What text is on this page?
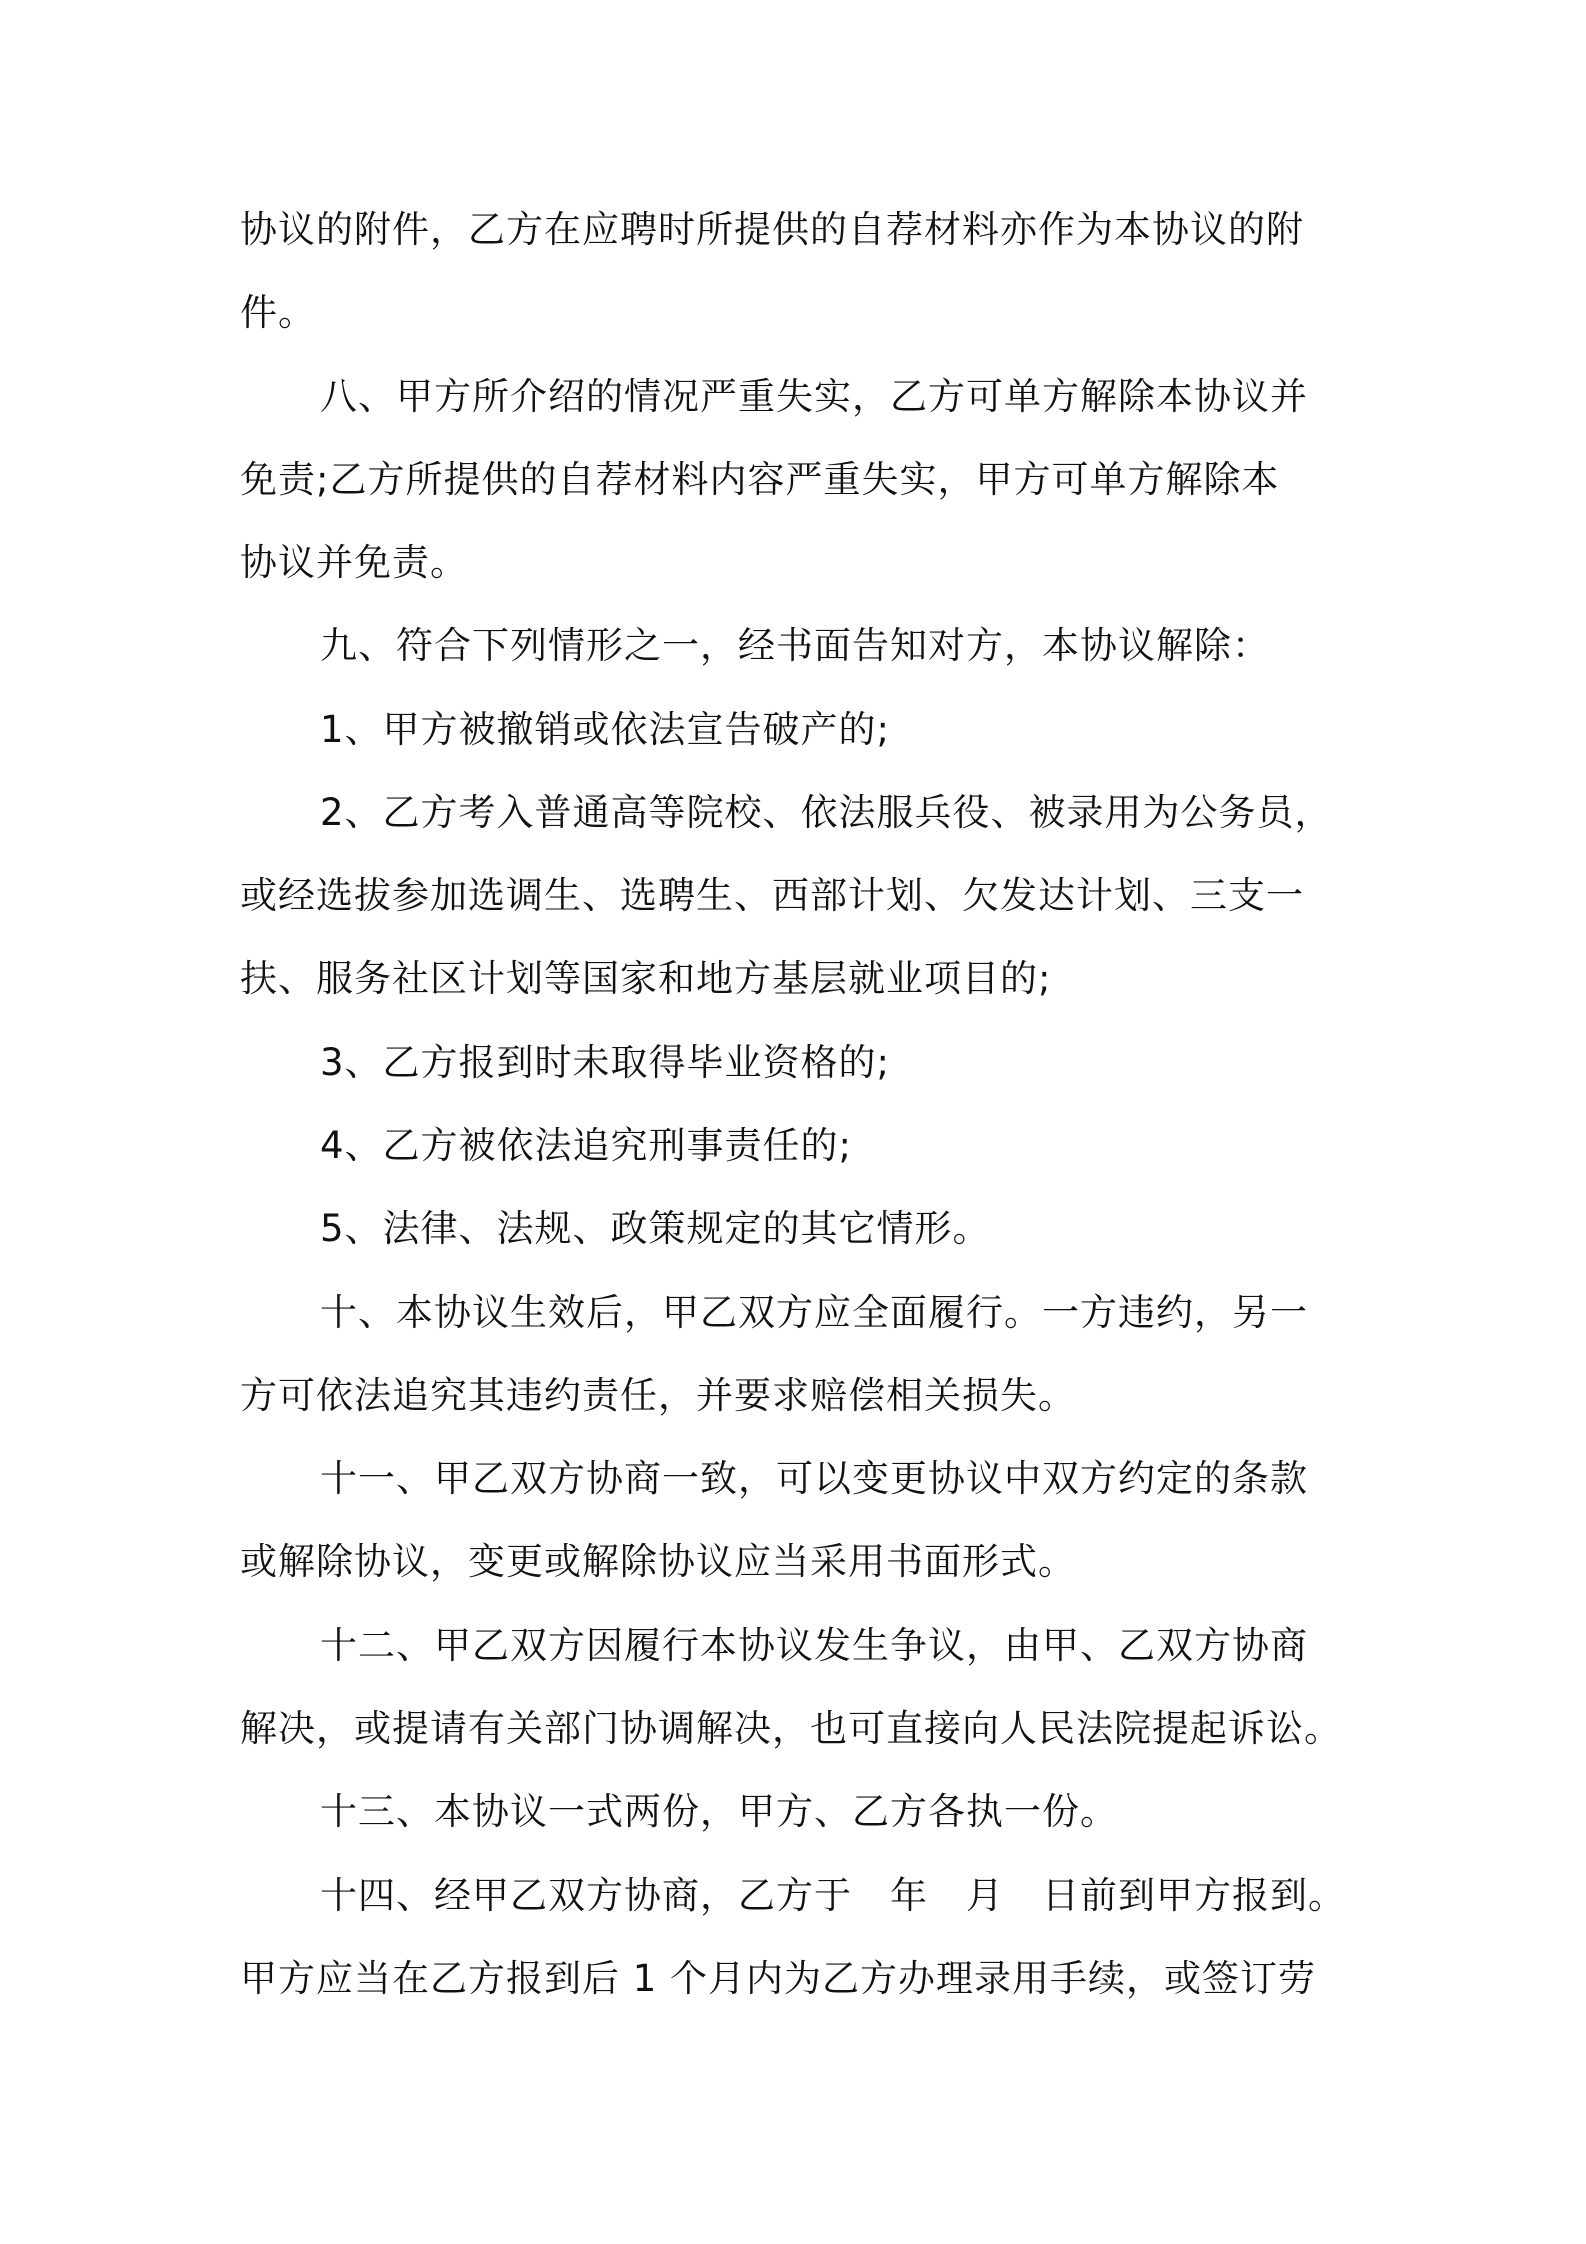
协议的附件，乙方在应聘时所提供的自荐材料亦作为本协议的附
件。
八、甲方所介绍的情况严重失实，乙方可单方解除本协议并
免责;乙方所提供的自荐材料内容严重失实，甲方可单方解除本
协议并免责。
九、符合下列情形之一，经书面告知对方，本协议解除：
1、甲方被撤销或依法宣告破产的;
2、乙方考入普通高等院校、依法服兵役、被录用为公务员，
或经选拔参加选调生、选聘生、西部计划、欠发达计划、三支一
扶、服务社区计划等国家和地方基层就业项目的;
3、乙方报到时未取得毕业资格的;
4、乙方被依法追究刑事责任的;
5、法律、法规、政策规定的其它情形。
十、本协议生效后，甲乙双方应全面履行。一方违约，另一
方可依法追究其违约责任，并要求赔偿相关损失。
十一、甲乙双方协商一致，可以变更协议中双方约定的条款
或解除协议，变更或解除协议应当采用书面形式。
十二、甲乙双方因履行本协议发生争议，由甲、乙双方协商
解决，或提请有关部门协调解决，也可直接向人民法院提起诉讼。
十三、本协议一式两份，甲方、乙方各执一份。
十四、经甲乙双方协商，乙方于　年　月　日前到甲方报到。
甲方应当在乙方报到后 1 个月内为乙方办理录用手续，或签订劳
